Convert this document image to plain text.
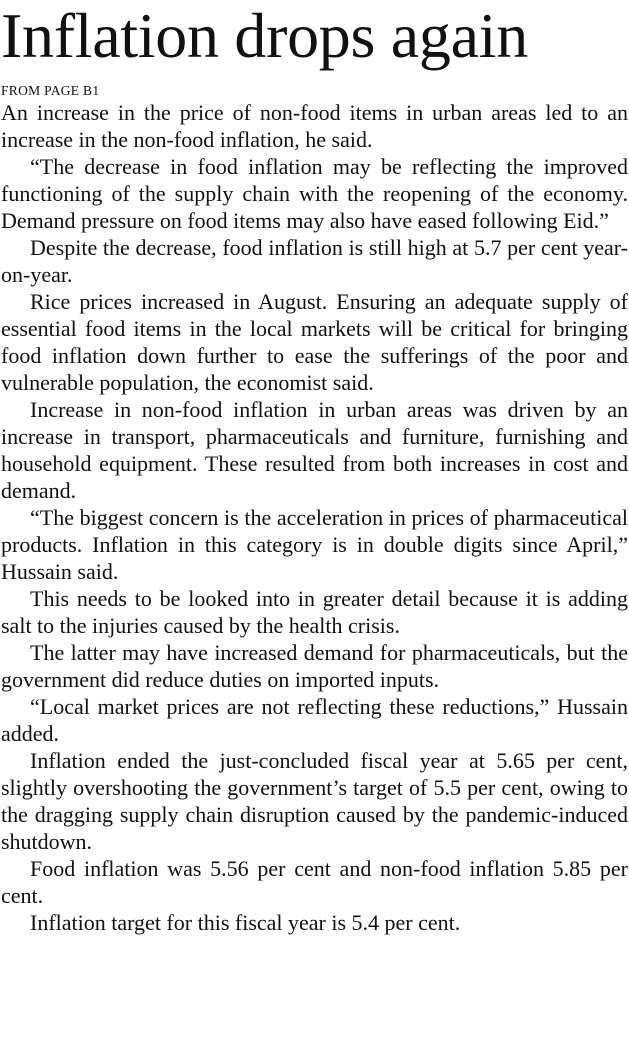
Inflation drops again
FROM PAGE B1

An increase in the price of non-food items in urban areas led to an increase in the non-food inflation, he said.

“The decrease in food inflation may be reflecting the improved functioning of the supply chain with the reopening of the economy. Demand pressure on food items may also have eased following Eid.”

Despite the decrease, food inflation is still high at 5.7 per cent year-on-year.

Rice prices increased in August. Ensuring an adequate supply of essential food items in the local markets will be critical for bringing food inflation down further to ease the sufferings of the poor and vulnerable population, the economist said.

Increase in non-food inflation in urban areas was driven by an increase in transport, pharmaceuticals and furniture, furnishing and household equipment. These resulted from both increases in cost and demand.

“The biggest concern is the acceleration in prices of pharmaceutical products. Inflation in this category is in double digits since April,” Hussain said.

This needs to be looked into in greater detail because it is adding salt to the injuries caused by the health crisis.

The latter may have increased demand for pharmaceuticals, but the government did reduce duties on imported inputs.

“Local market prices are not reflecting these reductions,” Hussain added.

Inflation ended the just-concluded fiscal year at 5.65 per cent, slightly overshooting the government’s target of 5.5 per cent, owing to the dragging supply chain disruption caused by the pandemic-induced shutdown.

Food inflation was 5.56 per cent and non-food inflation 5.85 per cent.

Inflation target for this fiscal year is 5.4 per cent.
